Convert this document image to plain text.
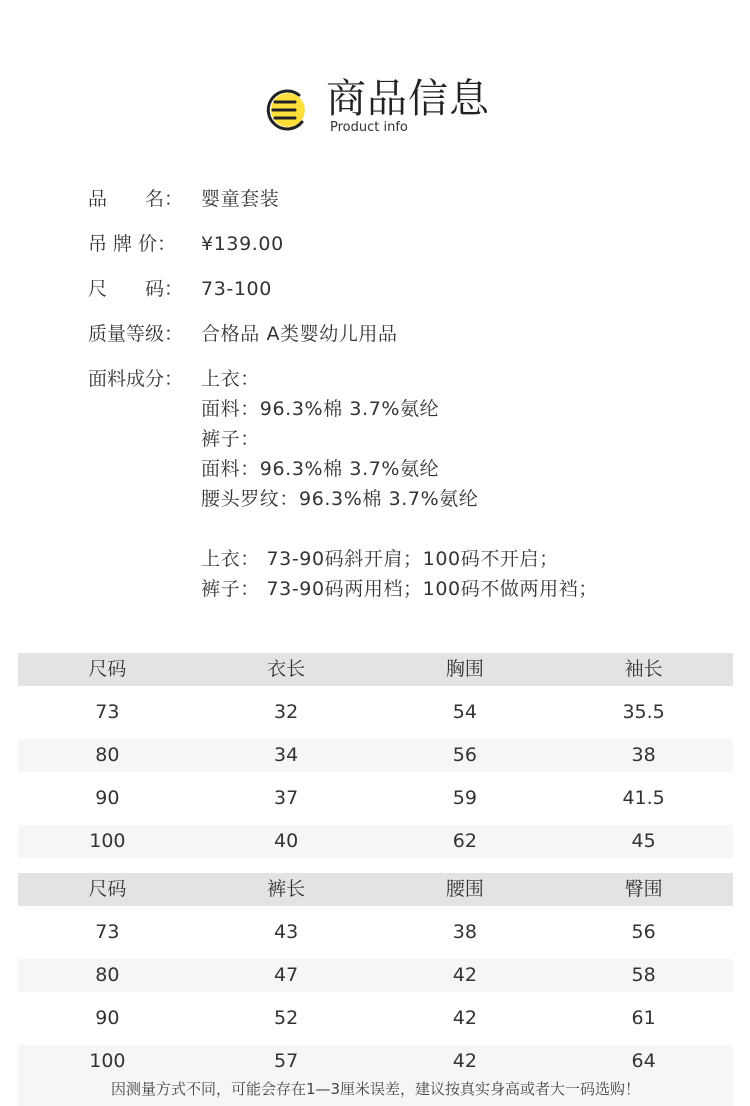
商品信息
Product info
品　　名： 婴童套装
吊 牌 价：	¥139.00
尺　　码： 73-100
质量等级： 合格品 A类婴幼儿用品
面料成分： 上衣：
面料：96.3%棉 3.7%氨纶
裤子：
面料：96.3%棉 3.7%氨纶
腰头罗纹：96.3%棉 3.7%氨纶
上衣： 73-90码斜开肩；100码不开启；
裤子： 73-90码两用档；100码不做两用裆；
尺码	衣长	胸围	袖长
73	32	54	35.5
80	34	56	38
90	37	59	41.5
100	40	62	45
尺码	裤长	腰围	臀围
73	43	38	56
80	47	42	58
90	52	42	61
100	57	42	64
因测量方式不同，可能会存在1—3厘米误差，建议按真实身高或者大一码选购！
